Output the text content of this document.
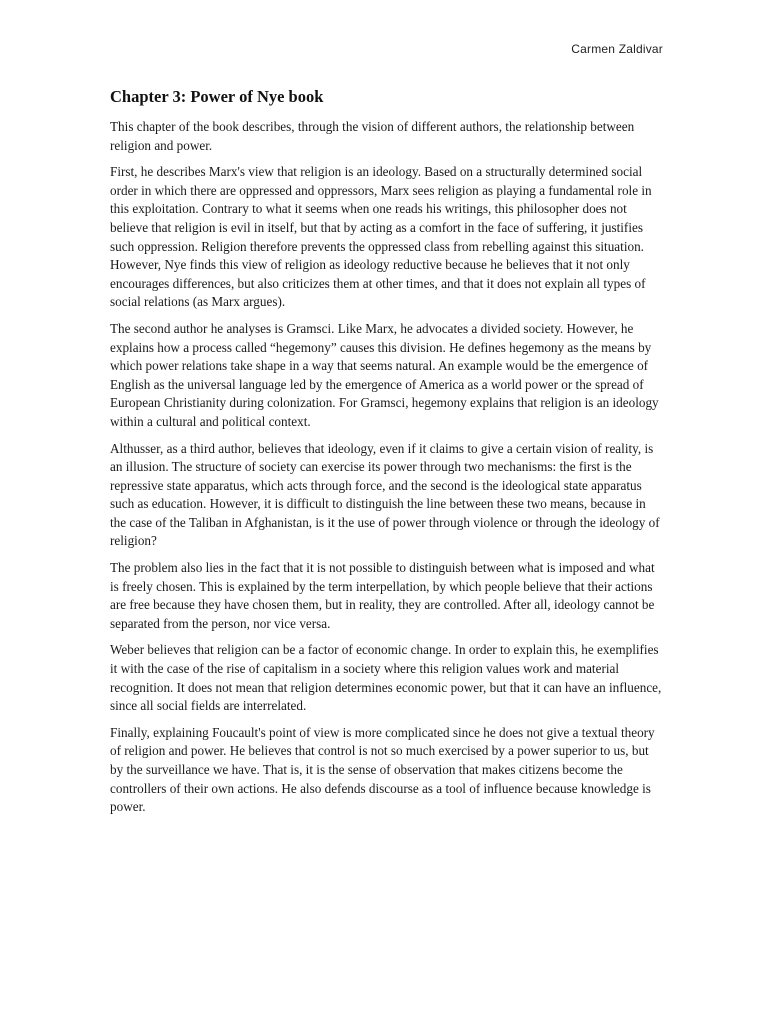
Carmen Zaldivar
Chapter 3: Power of Nye book

This chapter of the book describes, through the vision of different authors, the relationship between religion and power.

First, he describes Marx's view that religion is an ideology. Based on a structurally determined social order in which there are oppressed and oppressors, Marx sees religion as playing a fundamental role in this exploitation. Contrary to what it seems when one reads his writings, this philosopher does not believe that religion is evil in itself, but that by acting as a comfort in the face of suffering, it justifies such oppression. Religion therefore prevents the oppressed class from rebelling against this situation. However, Nye finds this view of religion as ideology reductive because he believes that it not only encourages differences, but also criticizes them at other times, and that it does not explain all types of social relations (as Marx argues).

The second author he analyses is Gramsci. Like Marx, he advocates a divided society. However, he explains how a process called “hegemony” causes this division. He defines hegemony as the means by which power relations take shape in a way that seems natural. An example would be the emergence of English as the universal language led by the emergence of America as a world power or the spread of European Christianity during colonization. For Gramsci, hegemony explains that religion is an ideology within a cultural and political context.

Althusser, as a third author, believes that ideology, even if it claims to give a certain vision of reality, is an illusion. The structure of society can exercise its power through two mechanisms: the first is the repressive state apparatus, which acts through force, and the second is the ideological state apparatus such as education. However, it is difficult to distinguish the line between these two means, because in the case of the Taliban in Afghanistan, is it the use of power through violence or through the ideology of religion?

The problem also lies in the fact that it is not possible to distinguish between what is imposed and what is freely chosen. This is explained by the term interpellation, by which people believe that their actions are free because they have chosen them, but in reality, they are controlled. After all, ideology cannot be separated from the person, nor vice versa.

Weber believes that religion can be a factor of economic change. In order to explain this, he exemplifies it with the case of the rise of capitalism in a society where this religion values work and material recognition. It does not mean that religion determines economic power, but that it can have an influence, since all social fields are interrelated.

Finally, explaining Foucault's point of view is more complicated since he does not give a textual theory of religion and power. He believes that control is not so much exercised by a power superior to us, but by the surveillance we have. That is, it is the sense of observation that makes citizens become the controllers of their own actions. He also defends discourse as a tool of influence because knowledge is power.
